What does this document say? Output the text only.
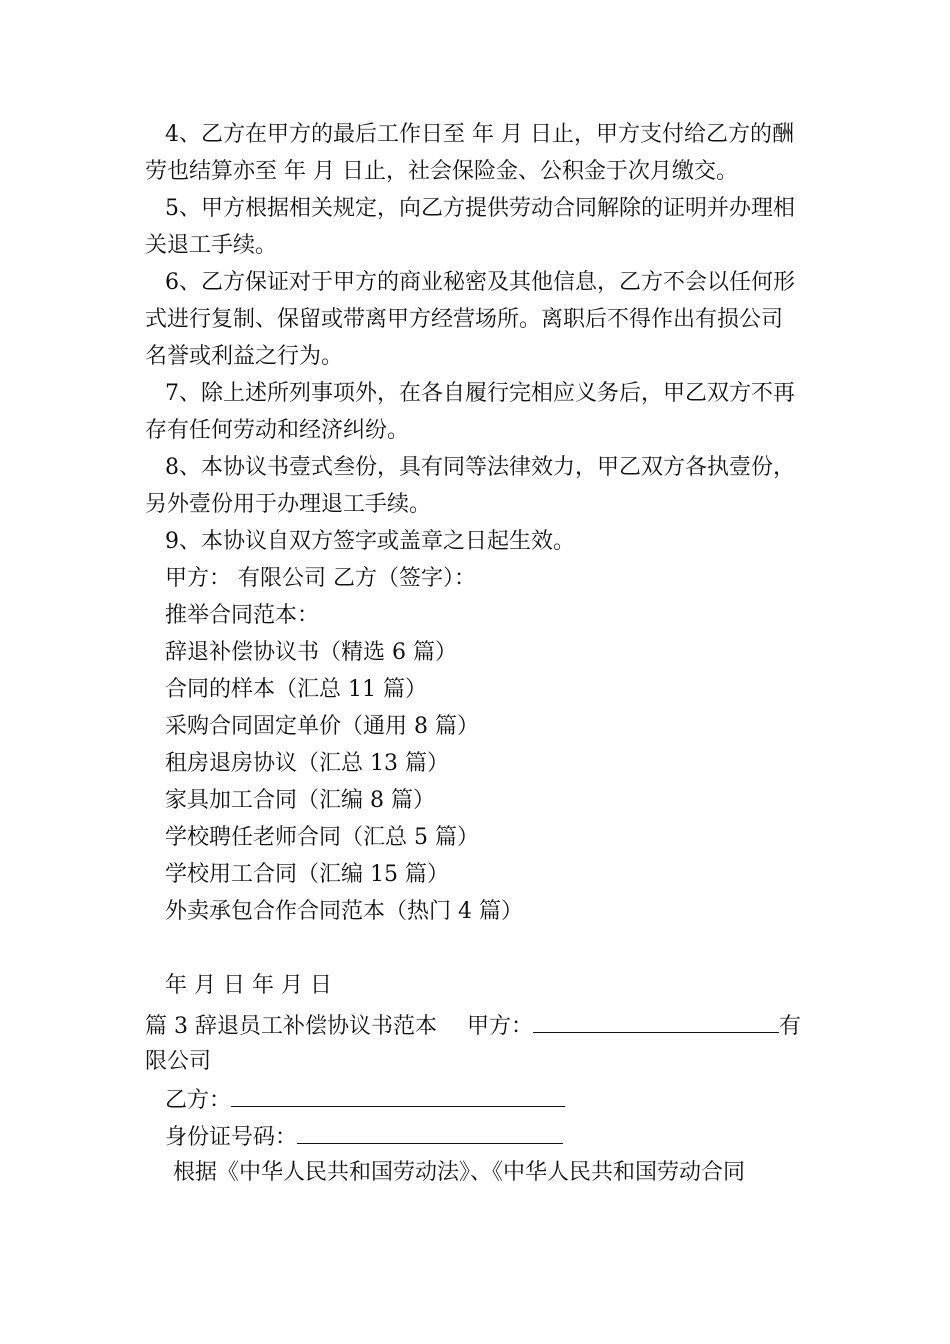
4、乙方在甲方的最后工作日至 年 月 日止，甲方支付给乙方的酬
劳也结算亦至 年 月 日止，社会保险金、公积金于次月缴交。
5、甲方根据相关规定，向乙方提供劳动合同解除的证明并办理相
关退工手续。
6、乙方保证对于甲方的商业秘密及其他信息，乙方不会以任何形
式进行复制、保留或带离甲方经营场所。离职后不得作出有损公司
名誉或利益之行为。
7、除上述所列事项外，在各自履行完相应义务后，甲乙双方不再
存有任何劳动和经济纠纷。
8、本协议书壹式叁份，具有同等法律效力，甲乙双方各执壹份，
另外壹份用于办理退工手续。
9、本协议自双方签字或盖章之日起生效。
甲方： 有限公司 乙方（签字）：
推举合同范本：
辞退补偿协议书（精选 6 篇）
合同的样本（汇总 11 篇）
采购合同固定单价（通用 8 篇）
租房退房协议（汇总 13 篇）
家具加工合同（汇编 8 篇）
学校聘任老师合同（汇总 5 篇）
学校用工合同（汇编 15 篇）
外卖承包合作合同范本（热门 4 篇）
年 月 日 年 月 日
篇 3 辞退员工补偿协议书范本 甲方：	有
限公司
乙方：
身份证号码：
根据《中华人民共和国劳动法》、《中华人民共和国劳动合同
